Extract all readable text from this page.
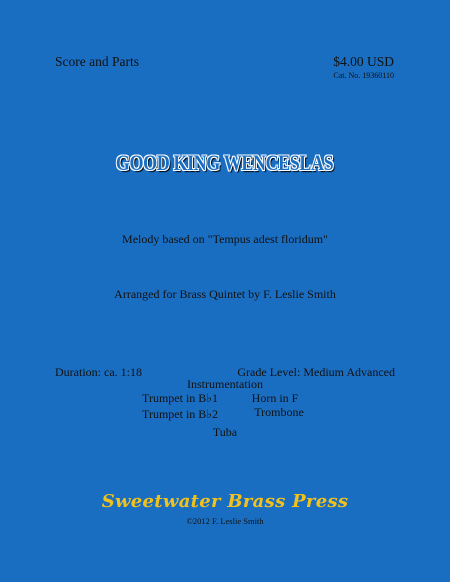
Score and Parts	$4.00 USD
Cat. No. 19360110
GOOD KING WENCESLAS
Melody based on "Tempus adest floridum"
Arranged for Brass Quintet by F. Leslie Smith
Duration: ca. 1:18	Grade Level: Medium Advanced
Instrumentation
Trumpet in B♭1	Horn in F
Trumpet in B♭2	Trombone
Tuba
Sweetwater Brass Press
©2012 F. Leslie Smith
